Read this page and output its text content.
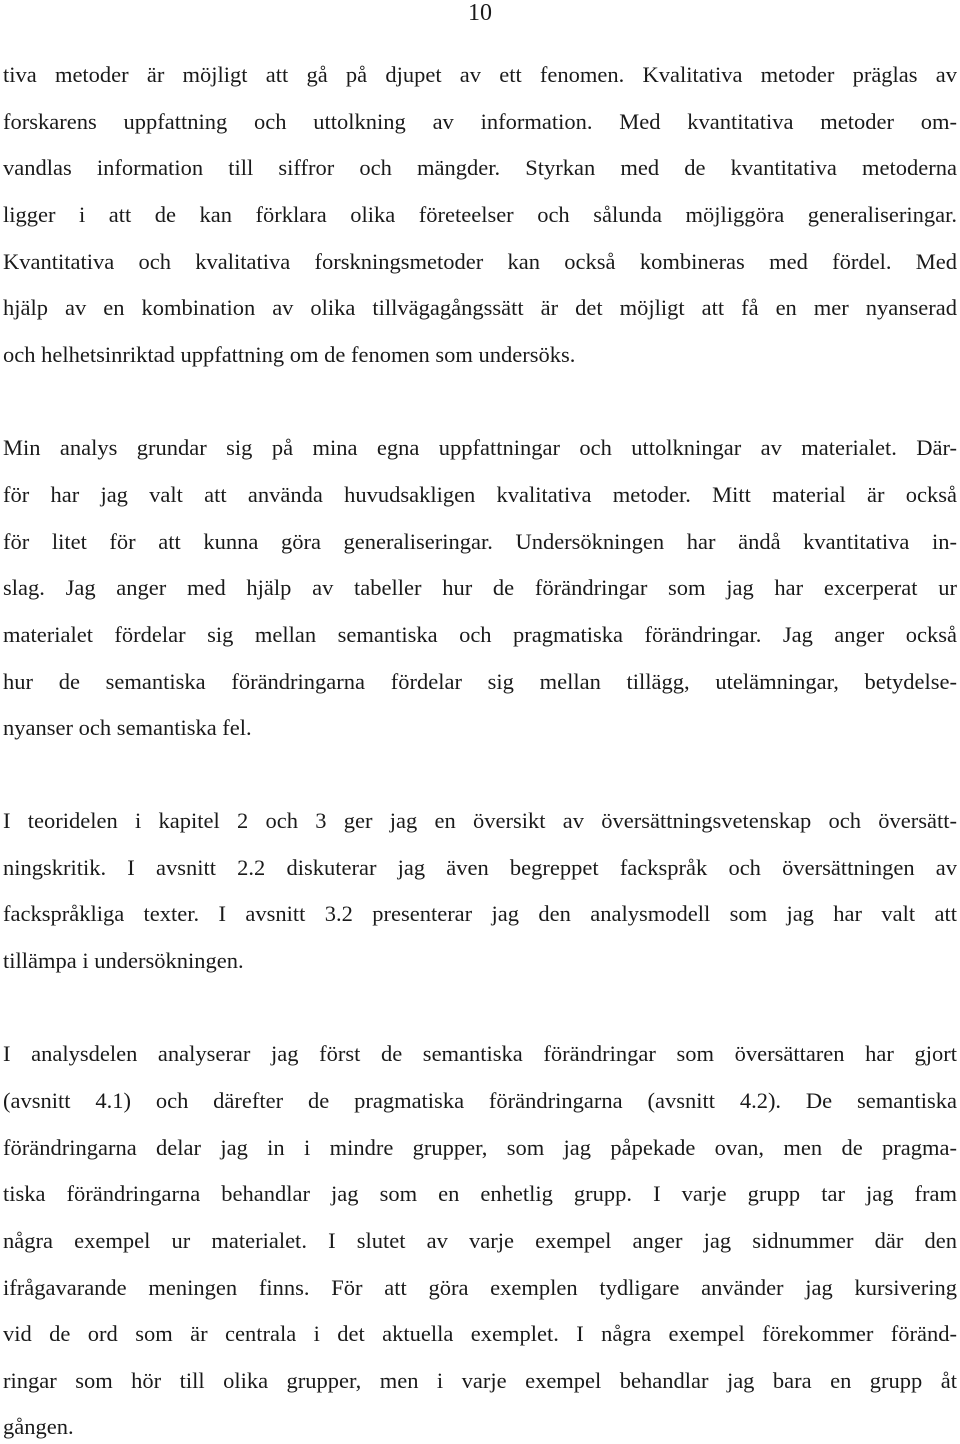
10

tiva metoder är möjligt att gå på djupet av ett fenomen. Kvalitativa metoder präglas av

forskarens uppfattning och uttolkning av information. Med kvantitativa metoder om-

vandlas information till siffror och mängder. Styrkan med de kvantitativa metoderna

ligger i att de kan förklara olika företeelser och sålunda möjliggöra generaliseringar.

Kvantitativa och kvalitativa forskningsmetoder kan också kombineras med fördel. Med

hjälp av en kombination av olika tillvägagångssätt är det möjligt att få en mer nyanserad

och helhetsinriktad uppfattning om de fenomen som undersöks.

Min analys grundar sig på mina egna uppfattningar och uttolkningar av materialet. Där-

för har jag valt att använda huvudsakligen kvalitativa metoder. Mitt material är också

för litet för att kunna göra generaliseringar. Undersökningen har ändå kvantitativa in-

slag. Jag anger med hjälp av tabeller hur de förändringar som jag har excerperat ur

materialet fördelar sig mellan semantiska och pragmatiska förändringar. Jag anger också

hur de semantiska förändringarna fördelar sig mellan tillägg, utelämningar, betydelse-

nyanser och semantiska fel.

I teoridelen i kapitel 2 och 3 ger jag en översikt av översättningsvetenskap och översätt-

ningskritik. I avsnitt 2.2 diskuterar jag även begreppet fackspråk och översättningen av

fackspråkliga texter. I avsnitt 3.2 presenterar jag den analysmodell som jag har valt att

tillämpa i undersökningen.

I analysdelen analyserar jag först de semantiska förändringar som översättaren har gjort

(avsnitt 4.1) och därefter de pragmatiska förändringarna (avsnitt 4.2). De semantiska

förändringarna delar jag in i mindre grupper, som jag påpekade ovan, men de pragma-

tiska förändringarna behandlar jag som en enhetlig grupp. I varje grupp tar jag fram

några exempel ur materialet. I slutet av varje exempel anger jag sidnummer där den

ifrågavarande meningen finns. För att göra exemplen tydligare använder jag kursivering

vid de ord som är centrala i det aktuella exemplet. I några exempel förekommer föränd-

ringar som hör till olika grupper, men i varje exempel behandlar jag bara en grupp åt

gången.
